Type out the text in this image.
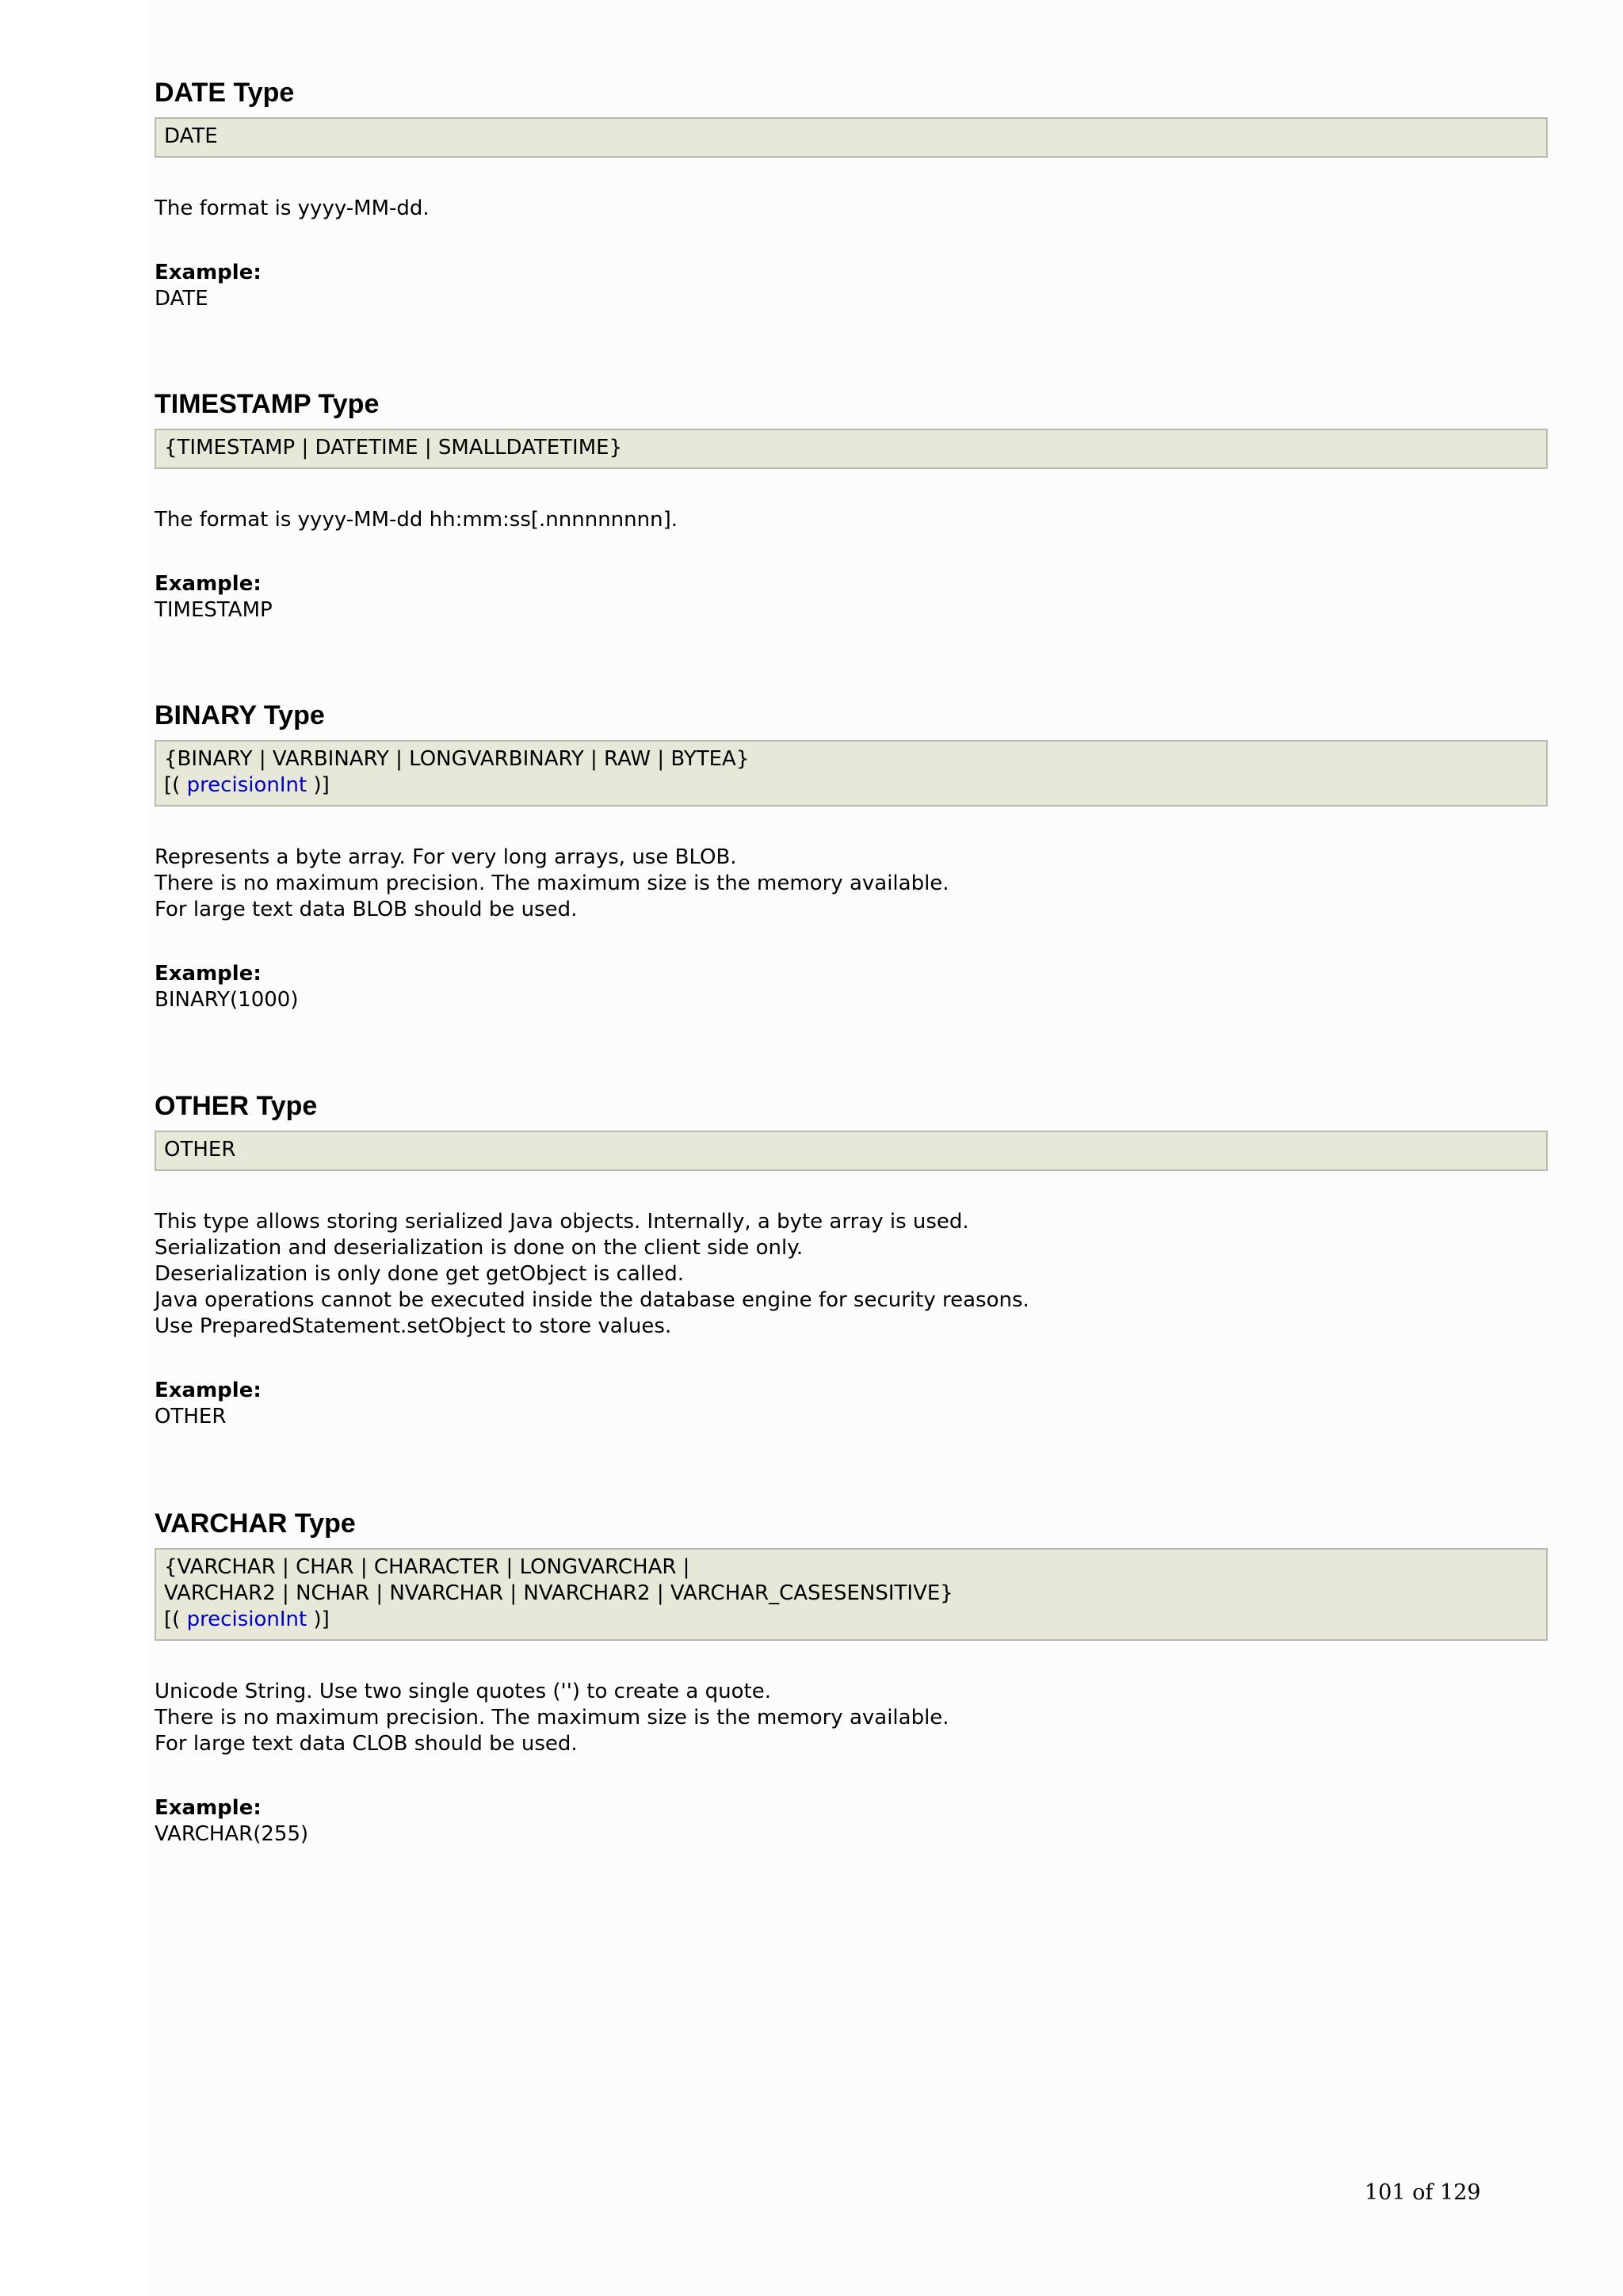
DATE Type
DATE
The format is yyyy-MM-dd.
Example:
DATE
TIMESTAMP Type
{TIMESTAMP | DATETIME | SMALLDATETIME}
The format is yyyy-MM-dd hh:mm:ss[.nnnnnnnnn].
Example:
TIMESTAMP
BINARY Type
{BINARY | VARBINARY | LONGVARBINARY | RAW | BYTEA}
[( precisionInt )]
Represents a byte array. For very long arrays, use BLOB.
There is no maximum precision. The maximum size is the memory available.
For large text data BLOB should be used.
Example:
BINARY(1000)
OTHER Type
OTHER
This type allows storing serialized Java objects. Internally, a byte array is used.
Serialization and deserialization is done on the client side only.
Deserialization is only done get getObject is called.
Java operations cannot be executed inside the database engine for security reasons.
Use PreparedStatement.setObject to store values.
Example:
OTHER
VARCHAR Type
{VARCHAR | CHAR | CHARACTER | LONGVARCHAR |
VARCHAR2 | NCHAR | NVARCHAR | NVARCHAR2 | VARCHAR_CASESENSITIVE}
[( precisionInt )]
Unicode String. Use two single quotes ('') to create a quote.
There is no maximum precision. The maximum size is the memory available.
For large text data CLOB should be used.
Example:
VARCHAR(255)
101 of 129
